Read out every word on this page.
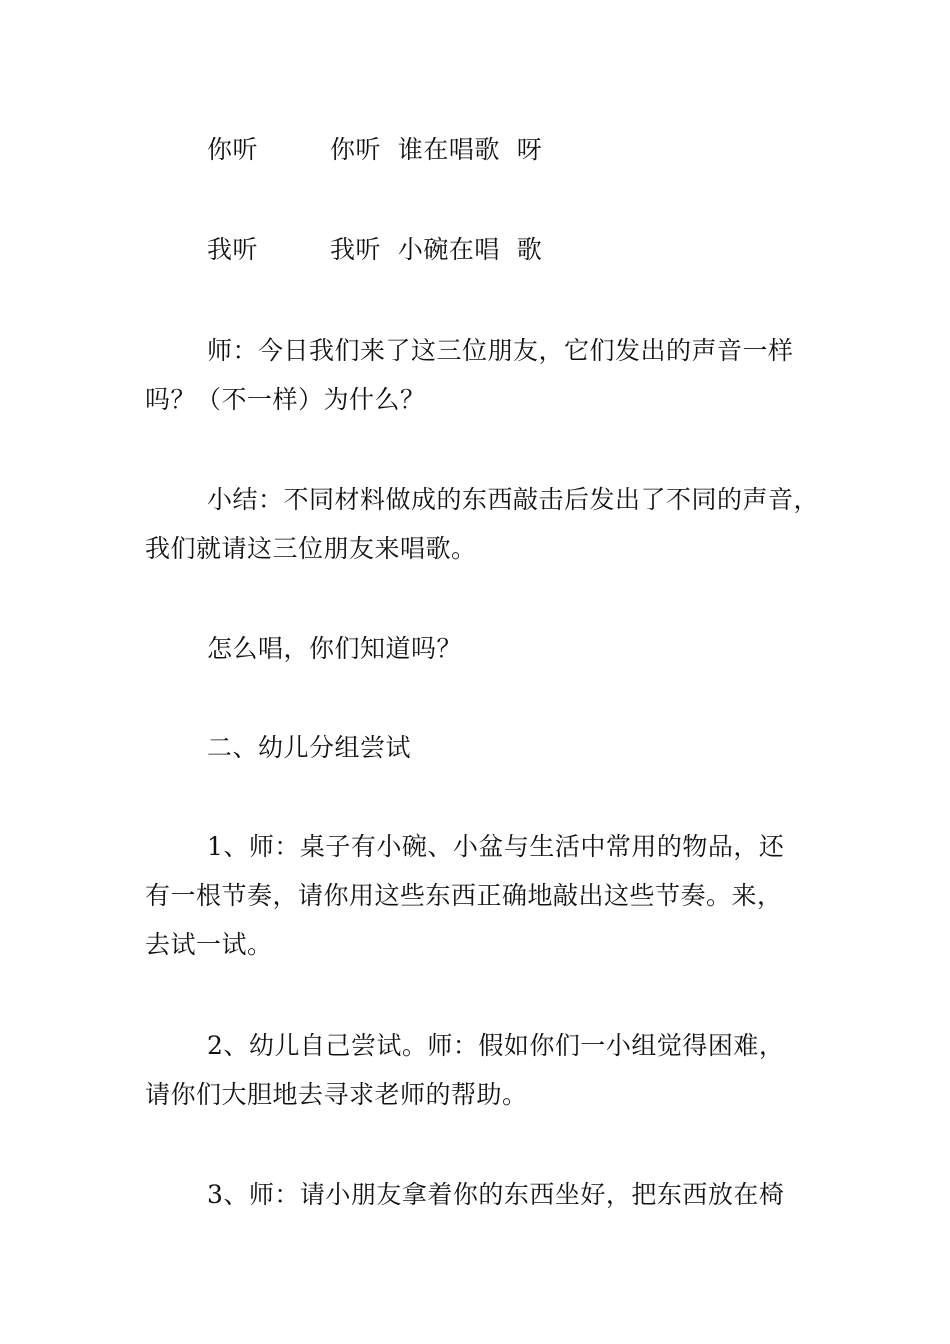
你听	你听  谁在唱歌  呀

我听	我听  小碗在唱  歌

师：今日我们来了这三位朋友，它们发出的声音一样
吗？（不一样）为什么？

小结：不同材料做成的东西敲击后发出了不同的声音，
我们就请这三位朋友来唱歌。

怎么唱，你们知道吗？

二、幼儿分组尝试

1、师：桌子有小碗、小盆与生活中常用的物品，还
有一根节奏，请你用这些东西正确地敲出这些节奏。来，
去试一试。

2、幼儿自己尝试。师：假如你们一小组觉得困难，
请你们大胆地去寻求老师的帮助。

3、师：请小朋友拿着你的东西坐好，把东西放在椅
